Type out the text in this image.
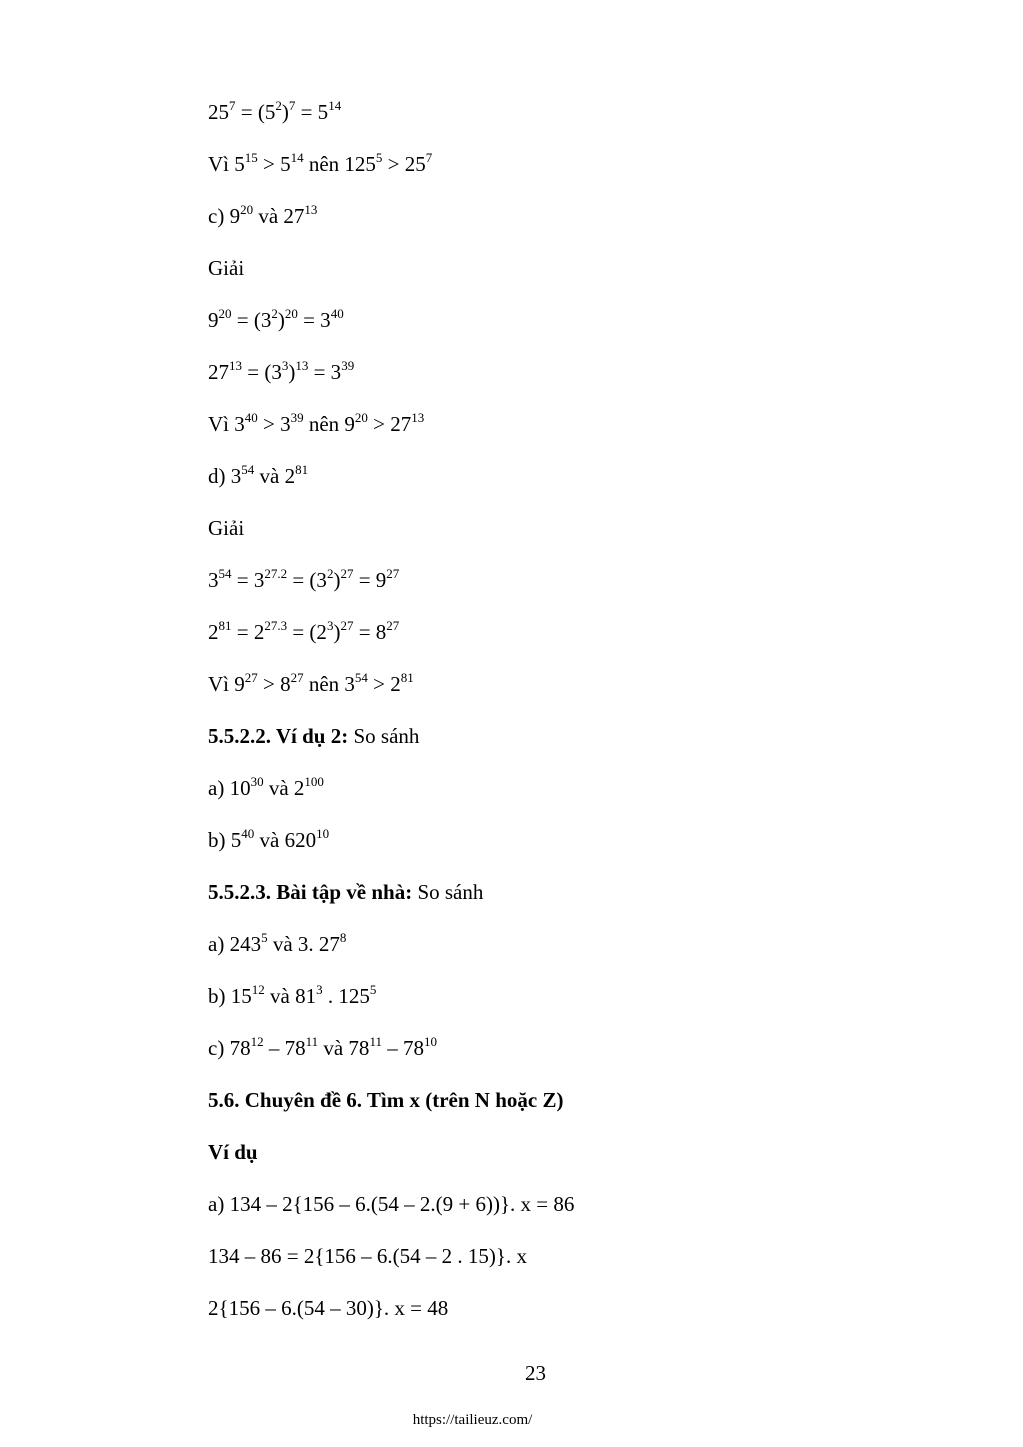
$25^7 = (5^2)^7 = 5^{14}$
Vì $5^{15} > 5^{14}$ nên $125^5 > 25^7$
c) $9^{20}$ và $27^{13}$
Giải
$9^{20} = (3^2)^{20} = 3^{40}$
$27^{13} = (3^3)^{13} = 3^{39}$
Vì $3^{40} > 3^{39}$ nên $9^{20} > 27^{13}$
d) $3^{54}$ và $2^{81}$
Giải
$3^{54} = 3^{27.2} = (3^2)^{27} = 9^{27}$
$2^{81} = 2^{27.3} = (2^3)^{27} = 8^{27}$
Vì $9^{27} > 8^{27}$ nên $3^{54} > 2^{81}$
5.5.2.2. Ví dụ 2: So sánh
a) $10^{30}$ và $2^{100}$
b) $5^{40}$ và $620^{10}$
5.5.2.3. Bài tập về nhà: So sánh
a) $243^5$ và 3. $27^8$
b) $15^{12}$ và $81^3$ . $125^5$
c) $78^{12} - 78^{11}$ và $78^{11} - 78^{10}$
5.6. Chuyên đề 6. Tìm x (trên N hoặc Z)
Ví dụ
a) 134 – 2{156 – 6.(54 – 2.(9 + 6))}. x = 86
134 – 86 = 2{156 – 6.(54 – 2 . 15)}. x
2{156 – 6.(54 – 30)}. x = 48
23
https://tailieuz.com/
